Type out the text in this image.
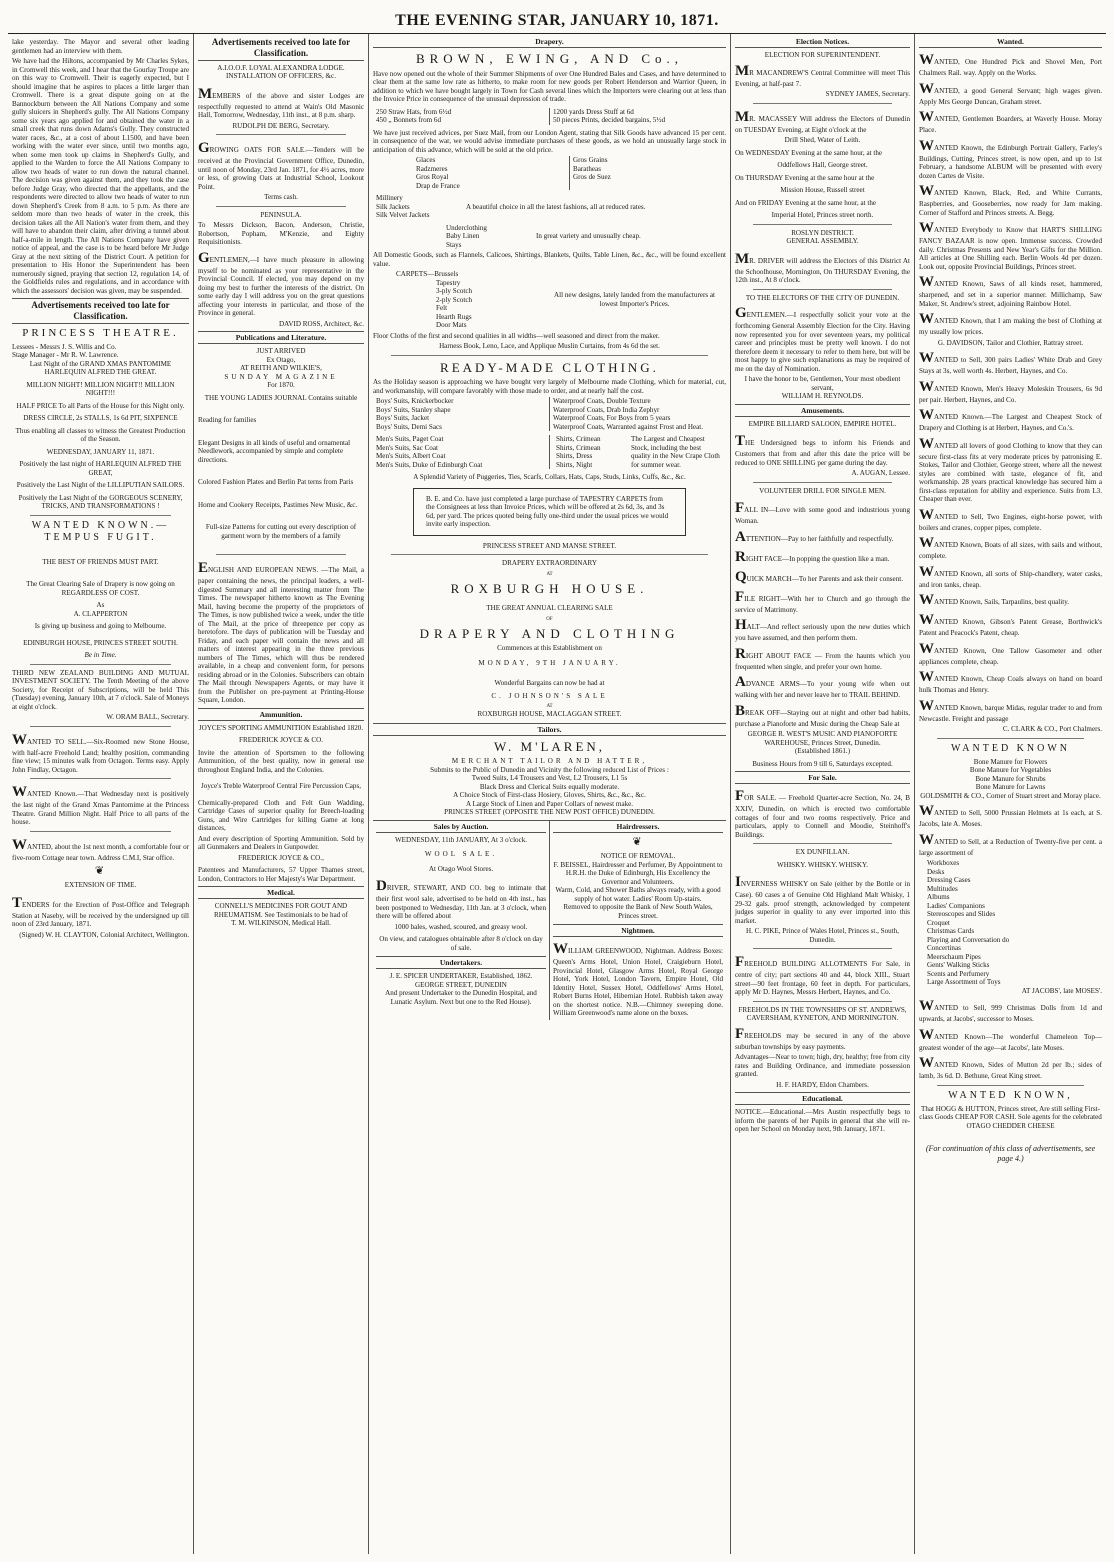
THE EVENING STAR, JANUARY 10, 1871.

lake yesterday. The Mayor and several other leading gentlemen had an interview with them.

We have had the Hiltons, accompanied by Mr Charles Sykes, in Cromwell this week, and I hear that the Gourlay Troupe are on this way to Cromwell. Their is eagerly expected, but I should imagine that he aspires to places a little larger than Cromwell. There is a great dispute going on at the Bannockburn between the All Nations Company and some gully sluicers in Shepherd's gully. The All Nations Company some six years ago applied for and obtained the water in a small creek that runs down Adams's Gully. They constructed water races, &c., at a cost of about L1500, and have been working with the water ever since, until two months ago, when some men took up claims in Shepherd's Gully, and applied to the Warden to force the All Nations Company to allow two heads of water to run down the natural channel. The decision was given against them, and they took the case before Judge Gray, who directed that the appellants, and the respondents were directed to allow two heads of water to run down Shepherd's Creek from 8 a.m. to 5 p.m. As there are seldom more than two heads of water in the creek, this decision takes all the All Nation's water from them, and they will have to abandon their claim, after driving a tunnel about half-a-mile in length. The All Nations Company have given notice of appeal, and the case is to be heard before Mr Judge Gray at the next sitting of the District Court. A petition for presentation to His Honor the Superintendent has been numerously signed, praying that section 12, regulation 14, of the Goldfields rules and regulations, and in accordance with which the assessors' decision was given, may be suspended.

Advertisements received too late for Classification.
PRINCESS THEATRE.
Lessees - Messrs J. S. Willis and Co.
Stage Manager - Mr R. W. Lawrence.
Last Night of the GRAND XMAS PANTOMIME HARLEQUIN ALFRED THE GREAT.
MILLION NIGHT! MILLION NIGHT!! MILLION NIGHT!!!
HALF PRICE To all Parts of the House for this Night only.
DRESS CIRCLE, 2s STALLS, 1s 6d PIT, SIXPENCE
Thus enabling all classes to witness the Greatest Production of the Season.
WEDNESDAY, JANUARY 11, 1871.
Positively the last night of HARLEQUIN ALFRED THE GREAT,
Positively the Last Night of the LILLIPUTIAN SAILORS.
Positively the Last Night of the GORGEOUS SCENERY, TRICKS, AND TRANSFORMATIONS !
WANTED KNOWN.— TEMPUS FUGIT.
THE BEST OF FRIENDS MUST PART.
The Great Clearing Sale of Drapery is now going on REGARDLESS OF COST.
As
A. CLAPPERTON
Is giving up business and going to Melbourne.
EDINBURGH HOUSE, PRINCES STREET SOUTH.
Be in Time.

THIRD NEW ZEALAND BUILDING AND MUTUAL INVESTMENT SOCIETY. The Tenth Meeting of the above Society, for Receipt of Subscriptions, will be held This (Tuesday) evening, January 10th, at 7 o'clock. Sale of Moneys at eight o'clock.

W. ORAM BALL, Secretary.

WANTED TO SELL.—Six-Roomed new Stone House, with half-acre Freehold Land; healthy position, commanding fine view; 15 minutes walk from Octagon. Terms easy. Apply John Findlay, Octagon.

WANTED Known.—That Wednesday next is positively the last night of the Grand Xmas Pantomime at the Princess Theatre. Grand Million Night. Half Price to all parts of the house.

WANTED, about the 1st next month, a comfortable four or five-room Cottage near town. Address C.M.I, Star office.

❦
EXTENSION OF TIME.

TENDERS for the Erection of Post-Office and Telegraph Station at Naseby, will be received by the undersigned up till noon of 23rd January, 1871.

(Signed) W. H. CLAYTON, Colonial Architect, Wellington.
Advertisements received too late for Classification.
A.I.O.O.F. LOYAL ALEXANDRA LODGE. INSTALLATION OF OFFICERS, &c.

MEMBERS of the above and sister Lodges are respectfully requested to attend at Wain's Old Masonic Hall, Tomorrow, Wednesday, 11th inst., at 8 p.m. sharp.

RUDOLPH DE BERG, Secretary.

GROWING OATS FOR SALE.—Tenders will be received at the Provincial Government Office, Dunedin, until noon of Monday, 23rd Jan. 1871, for 4½ acres, more or less, of growing Oats at Industrial School, Lookout Point.

Terms cash.
PENINSULA.

To Messrs Dickson, Bacon, Anderson, Christie, Robertson, Popham, M'Kenzie, and Eighty Requisitionists.

GENTLEMEN,—I have much pleasure in allowing myself to be nominated as your representative in the Provincial Council. If elected, you may depend on my doing my best to further the interests of the district. On some early day I will address you on the great questions affecting your interests in particular, and those of the Province in general.

DAVID ROSS, Architect, &c.
Publications and Literature.
JUST ARRIVED
Ex Otago,
AT REITH AND WILKIE'S,
SUNDAY MAGAZINE
For 1870.
THE YOUNG LADIES JOURNAL Contains suitable
Reading for families
Elegant Designs in all kinds of useful and ornamental Needlework, accompanied by simple and complete directions.
Colored Fashion Plates and Berlin Pat terns from Paris
Home and Cookery Receipts, Pastimes New Music, &c.
Full-size Patterns for cutting out every description of garment worn by the members of a family

ENGLISH AND EUROPEAN NEWS. —The Mail, a paper containing the news, the principal leaders, a well-digested Summary and all interesting matter from The Times. The newspaper hitherto known as The Evening Mail, having become the property of the proprietors of The Times, is now published twice a week, under the title of The Mail, at the price of threepence per copy as heretofore. The days of publication will be Tuesday and Friday, and each paper will contain the news and all matters of interest appearing in the three previous numbers of The Times, which will thus be rendered available, in a cheap and convenient form, for persons residing abroad or in the Colonies. Subscribers can obtain The Mail through Newspapers Agents, or may have it from the Publisher on pre-payment at Printing-House Square, London.

Ammunition.
JOYCE'S SPORTING AMMUNITION Established 1820.
FREDERICK JOYCE & CO.

Invite the attention of Sportsmen to the following Ammunition, of the best quality, now in general use throughout England India, and the Colonies.

Joyce's Treble Waterproof Central Fire Percussion Caps,

Chemically-prepared Cloth and Felt Gun Wadding, Cartridge Cases of superior quality for Breech-loading Guns, and Wire Cartridges for killing Game at long distances,

And every description of Sporting Ammunition. Sold by all Gunmakers and Dealers in Gunpowder.

FREDERICK JOYCE & CO.,

Patentees and Manufacturers, 57 Upper Thames street, London, Contractors to Her Majesty's War Department.

Medical.
CONNELL'S MEDICINES FOR GOUT AND RHEUMATISM. See Testimonials to be had of
T. M. WILKINSON, Medical Hall.
Drapery.
BROWN, EWING, AND Co.,

Have now opened out the whole of their Summer Shipments of over One Hundred Bales and Cases, and have determined to clear them at the same low rate as hitherto, to make room for new goods per Robert Henderson and Warrior Queen, in addition to which we have bought largely in Town for Cash several lines which the Importers were clearing out at less than the Invoice Price in consequence of the unusual depression of trade.

250 Straw Hats, from 6½d
450 „ Bonnets from 6d
1200 yards Dress Stuff at 6d
50 pieces Prints, decided bargains, 5½d

We have just received advices, per Suez Mail, from our London Agent, stating that Silk Goods have advanced 15 per cent. in consequence of the war, we would advise immediate purchases of these goods, as we hold an unusually large stock in anticipation of this advance, which will be sold at the old price.

Glaces
Radzmeres
Gros Royal
Drap de France
Gros Grains
Baratheas
Gros de Suez
Millinery
Silk Jackets
Silk Velvet Jackets
A beautiful choice in all the latest fashions, all at reduced rates.
Underclothing
Baby Linen
Stays
In great variety and unusually cheap.

All Domestic Goods, such as Flannels, Calicoes, Shirtings, Blankets, Quilts, Table Linen, &c., &c., will be found excellent value.

CARPETS—Brussels
Tapestry
3-ply Scotch
2-ply Scotch
Felt
Hearth Rugs
Door Mats
All new designs, lately landed from the manufacturers at lowest Importer's Prices.

Floor Cloths of the first and second qualities in all widths—well seasoned and direct from the maker.

Harness Book, Leno, Lace, and Applique Muslin Curtains, from 4s 6d the set.
READY-MADE CLOTHING.

As the Holiday season is approaching we have bought very largely of Melbourne made Clothing, which for material, cut, and workmanship, will compare favorably with those made to order, and at nearly half the cost.

Boys' Suits, Knickerbocker
Boys' Suits, Stanley shape
Boys' Suits, Jacket
Boys' Suits, Demi Sacs
Waterproof Coats, Double Texture
Waterproof Coats, Drab India Zephyr
Waterproof Coats, For Boys from 5 years
Waterproof Coats, Warranted against Frost and Heat.
Men's Suits, Paget Coat
Men's Suits, Sac Coat
Men's Suits, Albert Coat
Men's Suits, Duke of Edinburgh Coat
Shirts, Crimean
Shirts, Crimean
Shirts, Dress
Shirts, Night
The Largest and Cheapest Stock, including the best quality in the New Crape Cloth for summer wear.
A Splendid Variety of Puggeries, Ties, Scarfs, Collars, Hats, Caps, Studs, Links, Cuffs, &c., &c.
B. E. and Co. have just completed a large purchase of TAPESTRY CARPETS from the Consignees at less than Invoice Prices, which will be offered at 2s 6d, 3s, and 3s 6d, per yard. The prices quoted being fully one-third under the usual prices we would invite early inspection.
PRINCESS STREET AND MANSE STREET.
DRAPERY EXTRAORDINARY
AT
ROXBURGH HOUSE.
THE GREAT ANNUAL CLEARING SALE
OF
DRAPERY AND CLOTHING
Commences at this Establishment on
MONDAY, 9TH JANUARY.
Wonderful Bargains can now be had at
C. JOHNSON'S SALE
AT
ROXBURGH HOUSE, MACLAGGAN STREET.
Tailors.
W. M'LAREN,
MERCHANT TAILOR AND HATTER,
Submits to the Public of Dunedin and Vicinity the following reduced List of Prices :
Tweed Suits, L4 Trousers and Vest, L2 Trousers, L1 5s
Black Dress and Clerical Suits equally moderate.
A Choice Stock of First-class Hosiery, Gloves, Shirts, &c., &c., &c.
A Large Stock of Linen and Paper Collars of newest make.
PRINCES STREET (OPPOSITE THE NEW POST OFFICE) DUNEDIN.
Sales by Auction.
WEDNESDAY, 11th JANUARY, At 3 o'clock.
WOOL SALE.
At Otago Wool Stores.

DRIVER, STEWART, AND CO. beg to intimate that their first wool sale, advertised to be held on 4th inst., has been postponed to Wednesday, 11th Jan. at 3 o'clock, when there will be offered about

1000 bales, washed, scoured, and greasy wool.
On view, and catalogues obtainable after 8 o'clock on day of sale.
Undertakers.
J. E. SPICER UNDERTAKER, Established, 1862. GEORGE STREET, DUNEDIN
And present Undertaker to the Dunedin Hospital, and Lunatic Asylum. Next but one to the Red House).
Hairdressers.
❦
NOTICE OF REMOVAL.
F. BEISSEL, Hairdresser and Perfumer, By Appointment to H.R.H. the Duke of Edinburgh, His Excellency the Governor and Volunteers.
Warm, Cold, and Shower Baths always ready, with a good supply of hot water. Ladies' Room Up-stairs.
Removed to opposite the Bank of New South Wales, Princes street.
Nightmen.

WILLIAM GREENWOOD, Nightman. Address Boxes: Queen's Arms Hotel, Union Hotel, Craigieburn Hotel, Provincial Hotel, Glasgow Arms Hotel, Royal George Hotel, York Hotel, London Tavern, Empire Hotel, Old Identity Hotel, Sussex Hotel, Oddfellows' Arms Hotel, Robert Burns Hotel, Hibernian Hotel. Rubbish taken away on the shortest notice. N.B.—Chimney sweeping done. William Greenwood's name alone on the boxes.

Election Notices.
ELECTION FOR SUPERINTENDENT.

MR MACANDREW'S Central Committee will meet This Evening, at half-past 7.

SYDNEY JAMES, Secretary.

MR. MACASSEY Will address the Electors of Dunedin on TUESDAY Evening, at Eight o'clock at the

Drill Shed, Water of Leith.
On WEDNESDAY Evening at the same hour, at the
Oddfellows Hall, George street.
On THURSDAY Evening at the same hour at the
Mission House, Russell street
And on FRIDAY Evening at the same hour, at the
Imperial Hotel, Princes street north.
ROSLYN DISTRICT.
GENERAL ASSEMBLY.

MR. DRIVER will address the Electors of this District At the Schoolhouse, Mornington, On THURSDAY Evening, the 12th inst., At 8 o'clock.

TO THE ELECTORS OF THE CITY OF DUNEDIN.

GENTLEMEN.—I respectfully solicit your vote at the forthcoming General Assembly Election for the City. Having now represented you for over seventeen years, my political career and principles must be pretty well known. I do not therefore deem it necessary to refer to them here, but will be most happy to give such explanations as may be required of me on the day of Nomination.

I have the honor to be, Gentlemen, Your most obedient servant,
WILLIAM H. REYNOLDS.
Amusements.
EMPIRE BILLIARD SALOON, EMPIRE HOTEL.

THE Undersigned begs to inform his Friends and Customers that from and after this date the price will be reduced to ONE SHILLING per game during the day.

A. AUGAN, Lessee.
VOLUNTEER DRILL FOR SINGLE MEN.

FALL IN—Love with some good and industrious young Woman.

ATTENTION—Pay to her faithfully and respectfully.

RIGHT FACE—In popping the question like a man.

QUICK MARCH—To her Parents and ask their consent.

FILE RIGHT—With her to Church and go through the service of Matrimony.

HALT—And reflect seriously upon the new duties which you have assumed, and then perform them.

RIGHT ABOUT FACE — From the haunts which you frequented when single, and prefer your own home.

ADVANCE ARMS—To your young wife when out walking with her and never leave her to TRAIL BEHIND.

BREAK OFF—Staying out at night and other bad habits, purchase a Pianoforte and Music during the Cheap Sale at

GEORGE R. WEST'S MUSIC AND PIANOFORTE WAREHOUSE, Princes Street, Dunedin.
(Established 1861.)
Business Hours from 9 till 6, Saturdays excepted.
For Sale.

FOR SALE. — Freehold Quarter-acre Section, No. 24, B XXIV, Dunedin, on which is erected two comfortable cottages of four and two rooms respectively. Price and particulars, apply to Connell and Moodie, Steinhoff's Buildings.

EX DUNFILLAN.
WHISKY. WHISKY. WHISKY.

INVERNESS WHISKY on Sale (either by the Bottle or in Case). 60 cases a of Genuine Old Highland Malt Whisky, 1 29-32 gals. proof strength, acknowledged by competent judges superior in quality to any ever imported into this market.

H. C. PIKE, Prince of Wales Hotel, Princes st., South, Dunedin.

FREEHOLD BUILDING ALLOTMENTS For Sale, in centre of city; part sections 40 and 44, block XIII., Stuart street—90 feet frontage, 60 feet in depth. For particulars, apply Mr D. Haynes, Messrs Herbert, Haynes, and Co.

FREEHOLDS IN THE TOWNSHIPS OF ST. ANDREWS, CAVERSHAM, KYNETON, AND MORNINGTON.

FREEHOLDS may be secured in any of the above suburban townships by easy payments.

Advantages—Near to town; high, dry, healthy; free from city rates and Building Ordinance, and immediate possession granted.

H. F. HARDY, Eldon Chambers.
Educational.

NOTICE.—Educational.—Mrs Austin respectfully begs to inform the parents of her Pupils in general that she will re-open her School on Monday next, 9th January, 1871.

Wanted.

WANTED, One Hundred Pick and Shovel Men, Port Chalmers Rail. way. Apply on the Works.

WANTED, a good General Servant; high wages given. Apply Mrs George Duncan, Graham street.

WANTED, Gentlemen Boarders, at Waverly House. Moray Place.

WANTED Known, the Edinburgh Portrait Gallery, Farley's Buildings, Cutting, Princes street, is now open, and up to 1st February, a handsome ALBUM will be presented with every dozen Cartes de Visite.

WANTED Known, Black, Red, and White Currants, Raspberries, and Gooseberries, now ready for Jam making. Corner of Stafford and Princes streets. A. Begg.

WANTED Everybody to Know that HART'S SHILLING FANCY BAZAAR is now open. Immense success. Crowded daily. Christmas Presents and New Year's Gifts for the Million. All articles at One Shilling each. Berlin Wools 4d per dozen. Look out, opposite Provincial Buildings, Princes street.

WANTED Known, Saws of all kinds reset, hammered, sharpened, and set in a superior manner. Millichamp, Saw Maker, St. Andrew's street, adjoining Rainbow Hotel.

WANTED Known, that I am making the best of Clothing at my usually low prices.

G. DAVIDSON, Tailor and Clothier, Rattray street.

WANTED to Sell, 300 pairs Ladies' White Drab and Grey Stays at 3s, well worth 4s. Herbert, Haynes, and Co.

WANTED Known, Men's Heavy Moleskin Trousers, 6s 9d per pair. Herbert, Haynes, and Co.

WANTED Known.—The Largest and Cheapest Stock of Drapery and Clothing is at Herbert, Haynes, and Co.'s.

WANTED all lovers of good Clothing to know that they can secure first-class fits at very moderate prices by patronising E. Stokes, Tailor and Clothier, George street, where all the newest styles are combined with taste, elegance of fit, and workmanship. 28 years practical knowledge has secured him a first-class reputation for ability and experience. Suits from L3. Cheaper than ever.

WANTED to Sell, Two Engines, eight-horse power, with boilers and cranes, copper pipes, complete.

WANTED Known, Boats of all sizes, with sails and without, complete.

WANTED Known, all sorts of Ship-chandlery, water casks, and iron tanks, cheap.

WANTED Known, Sails, Tarpaulins, best quality.

WANTED Known, Gibson's Patent Grease, Borthwick's Patent and Peacock's Patent, cheap.

WANTED Known, One Tallow Gasometer and other appliances complete, cheap.

WANTED Known, Cheap Coals always on hand on board hulk Thomas and Henry.

WANTED Known, barque Midas, regular trader to and from Newcastle. Freight and passage

C. CLARK & CO., Port Chalmers.
WANTED KNOWN
Bone Manure for Flowers
Bone Manure for Vegetables
Bone Manure for Shrubs
Bone Manure for Lawns
GOLDSMITH & CO., Corner of Stuart street and Moray place.

WANTED to Sell, 5000 Prussian Helmets at 1s each, at S. Jacobs, late A. Moses.

WANTED to Sell, at a Reduction of Twenty-five per cent. a large assortment of

Workboxes
Desks
Dressing Cases
Multitudes
Albums
Ladies' Companions
Stereoscopes and Slides
Croquet
Christmas Cards
Playing and Conversation do
Concertinas
Meerschaum Pipes
Gents' Walking Sticks
Scents and Perfumery
Large Assortment of Toys
AT JACOBS', late MOSES'.

WANTED to Sell, 999 Christmas Dolls from 1d and upwards, at Jacobs', successor to Moses.

WANTED Known—The wonderful Chameleon Top—greatest wonder of the age—at Jacobs', late Moses.

WANTED Known, Sides of Mutton 2d per lb.; sides of lamb, 3s 6d. D. Bethune, Great King street.

WANTED KNOWN,
That HOGG & HUTTON, Princes street, Are still selling First-class Goods CHEAP FOR CASH. Sole agents for the celebrated OTAGO CHEDDER CHEESE
(For continuation of this class of advertisements, see page 4.)
